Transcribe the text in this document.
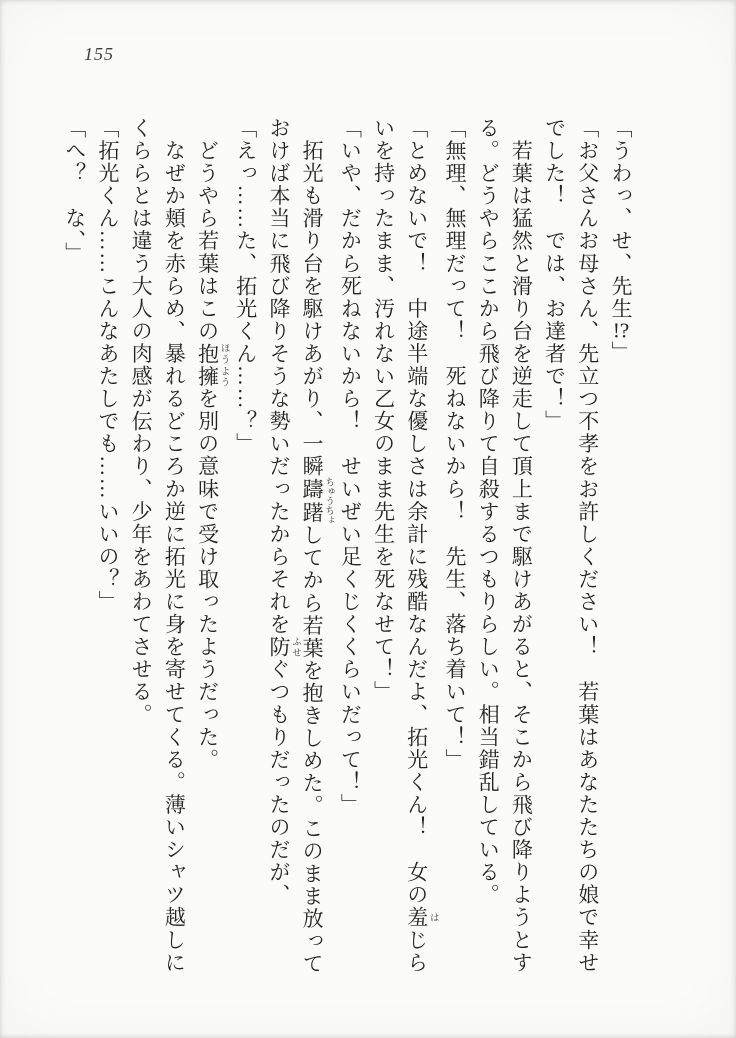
155

「うわっ、せ、先生!?」

「お父さんお母さん、先立つ不孝をお許しください！　若葉はあなたたちの娘で幸せでした！　では、お達者で！」

　若葉は猛然と滑り台を逆走して頂上まで駆けあがると、そこから飛び降りようとする。どうやらここから飛び降りて自殺するつもりらしい。相当錯乱している。

「無理、無理だって！　死ねないから！　先生、落ち着いて！」

「とめないで！　中途半端な優しさは余計に残酷なんだよ、拓光くん！　女の羞 はじらいを持ったまま、汚れない乙女のまま先生を死なせて！」

「いや、だから死ねないから！　せいぜい足くじくくらいだって！」

　拓光も滑り台を駆けあがり、一瞬躊躇 ちゅうちょしてから若葉を抱きしめた。このまま放っておけば本当に飛び降りそうな勢いだったからそれを防 ふせぐつもりだったのだが、

「えっ……た、拓光くん……？」

　どうやら若葉はこの抱擁 ほうようを別の意味で受け取ったようだった。

　なぜか頬を赤らめ、暴れるどころか逆に拓光に身を寄せてくる。薄いシャツ越しにくららとは違う大人の肉感が伝わり、少年をあわてさせる。

「拓光くん……こんなあたしでも……いいの？」

「へ？　な、」
